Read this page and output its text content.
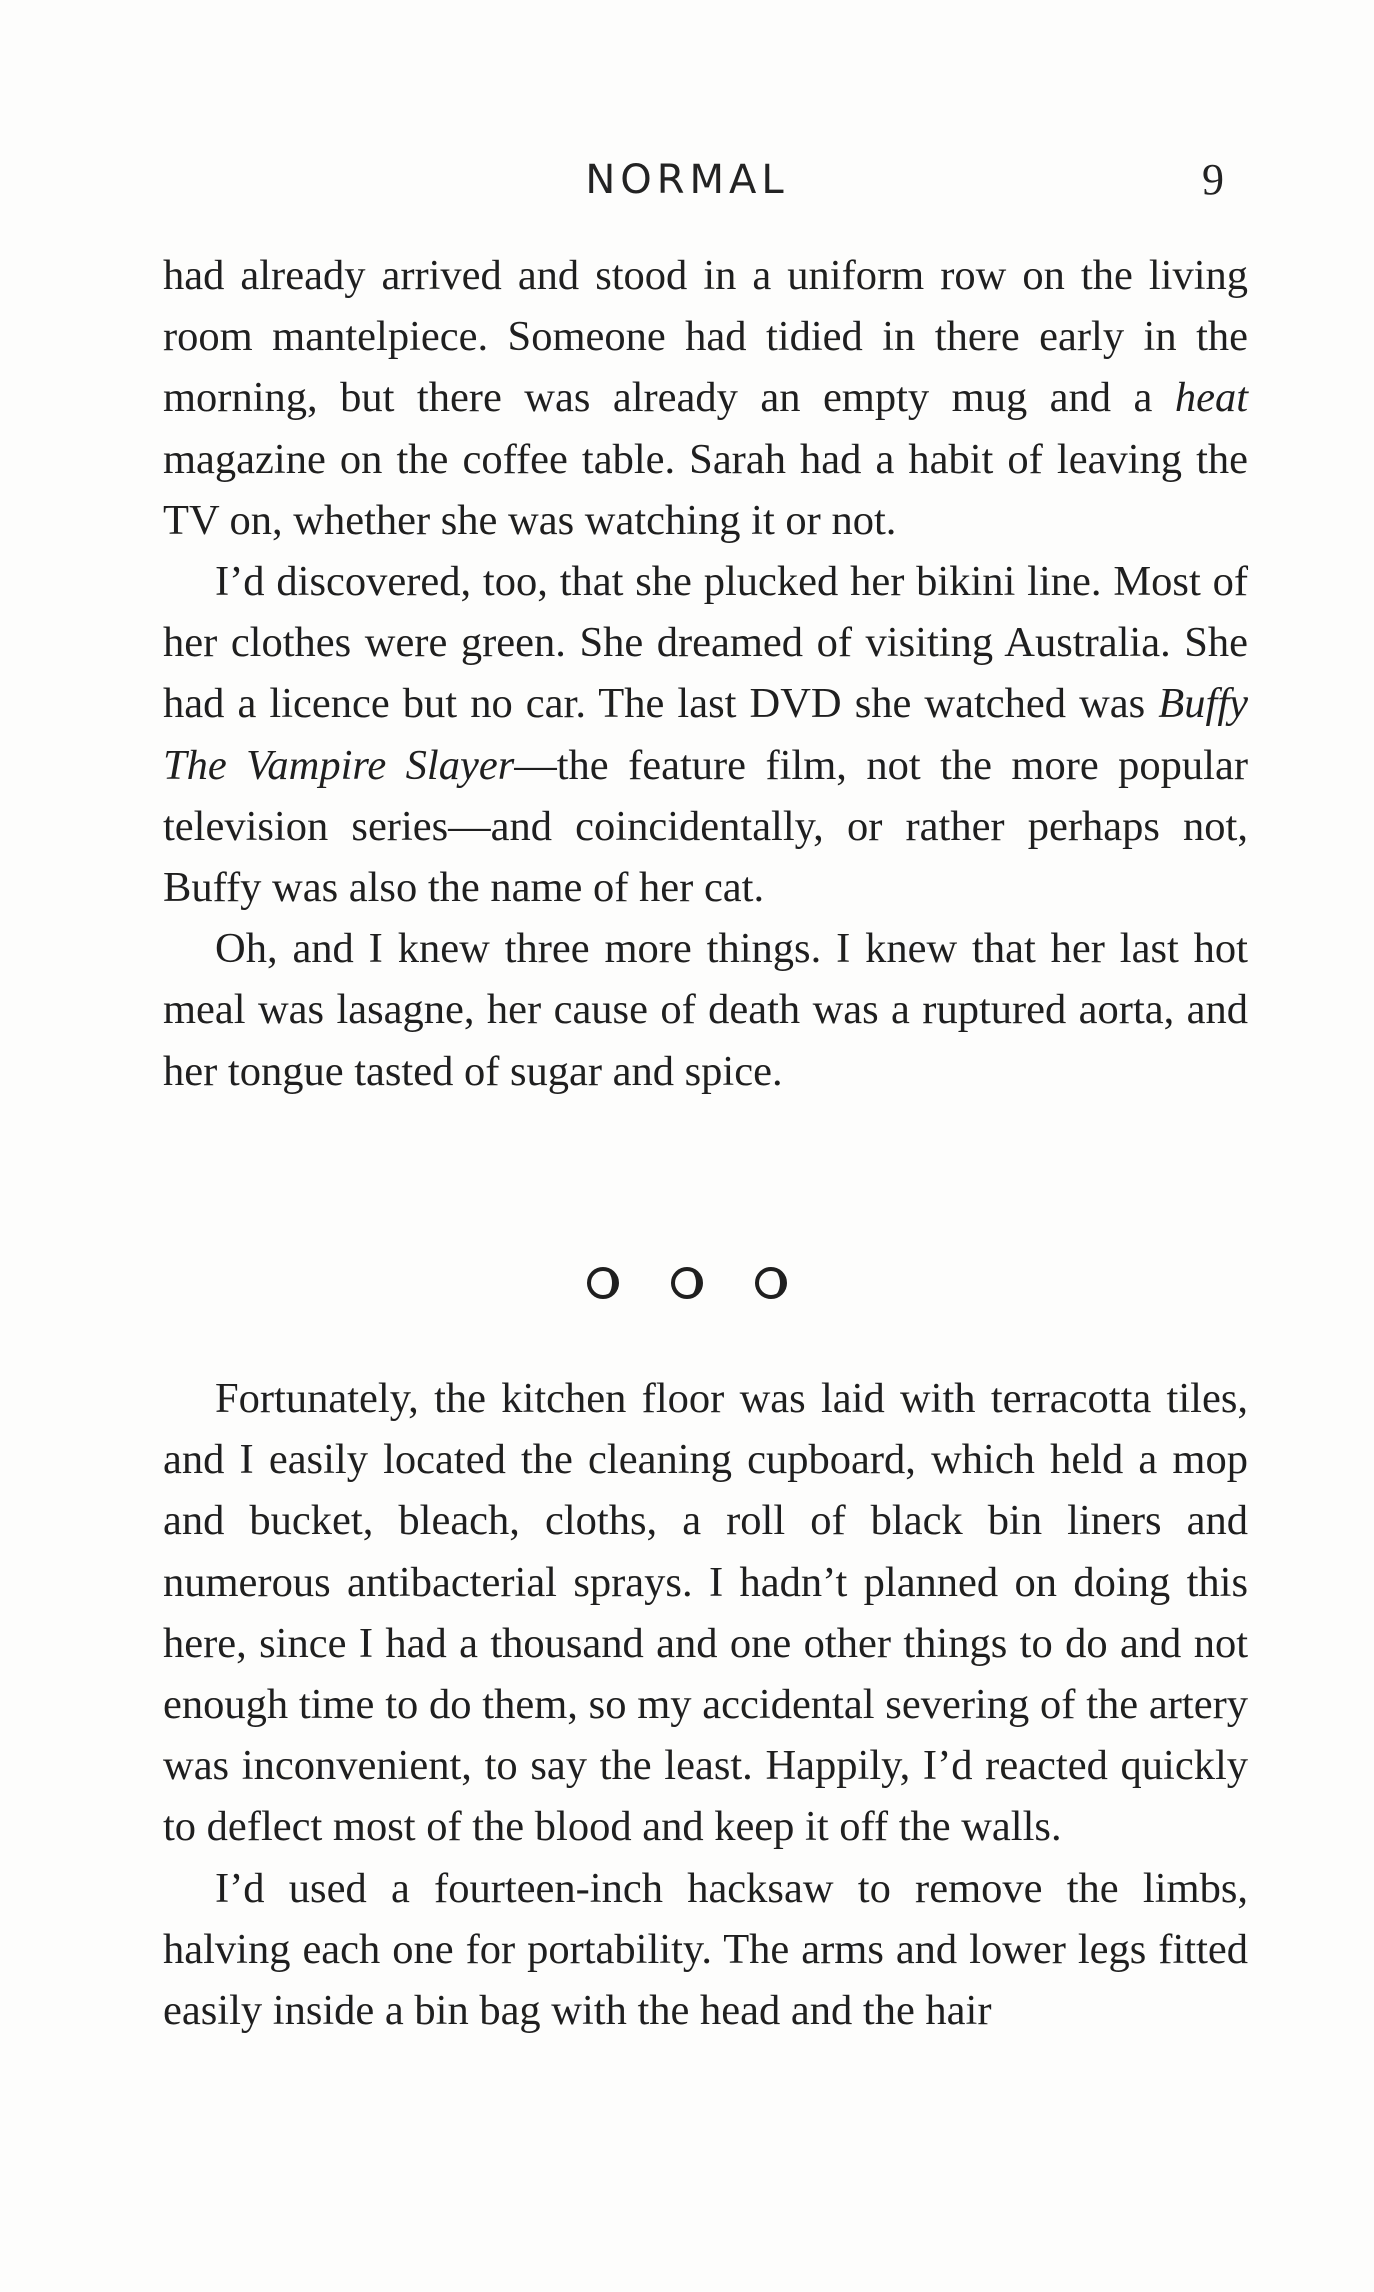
NORMAL	9

had already arrived and stood in a uniform row on the living room mantelpiece. Someone had tidied in there early in the morning, but there was already an empty mug and a heat magazine on the coffee table. Sarah had a habit of leaving the TV on, whether she was watching it or not.

I’d discovered, too, that she plucked her bikini line. Most of her clothes were green. She dreamed of visiting Australia. She had a licence but no car. The last DVD she watched was Buffy The Vampire Slayer—the feature film, not the more popular television series—and coincidentally, or rather perhaps not, Buffy was also the name of her cat.

Oh, and I knew three more things. I knew that her last hot meal was lasagne, her cause of death was a ruptured aorta, and her tongue tasted of sugar and spice.

Fortunately, the kitchen floor was laid with terracotta tiles, and I easily located the cleaning cupboard, which held a mop and bucket, bleach, cloths, a roll of black bin liners and numerous antibacterial sprays. I hadn’t planned on doing this here, since I had a thousand and one other things to do and not enough time to do them, so my accidental severing of the artery was inconvenient, to say the least. Happily, I’d reacted quickly to deflect most of the blood and keep it off the walls.

I’d used a fourteen-inch hacksaw to remove the limbs, halving each one for portability. The arms and lower legs fitted easily inside a bin bag with the head and the hair
